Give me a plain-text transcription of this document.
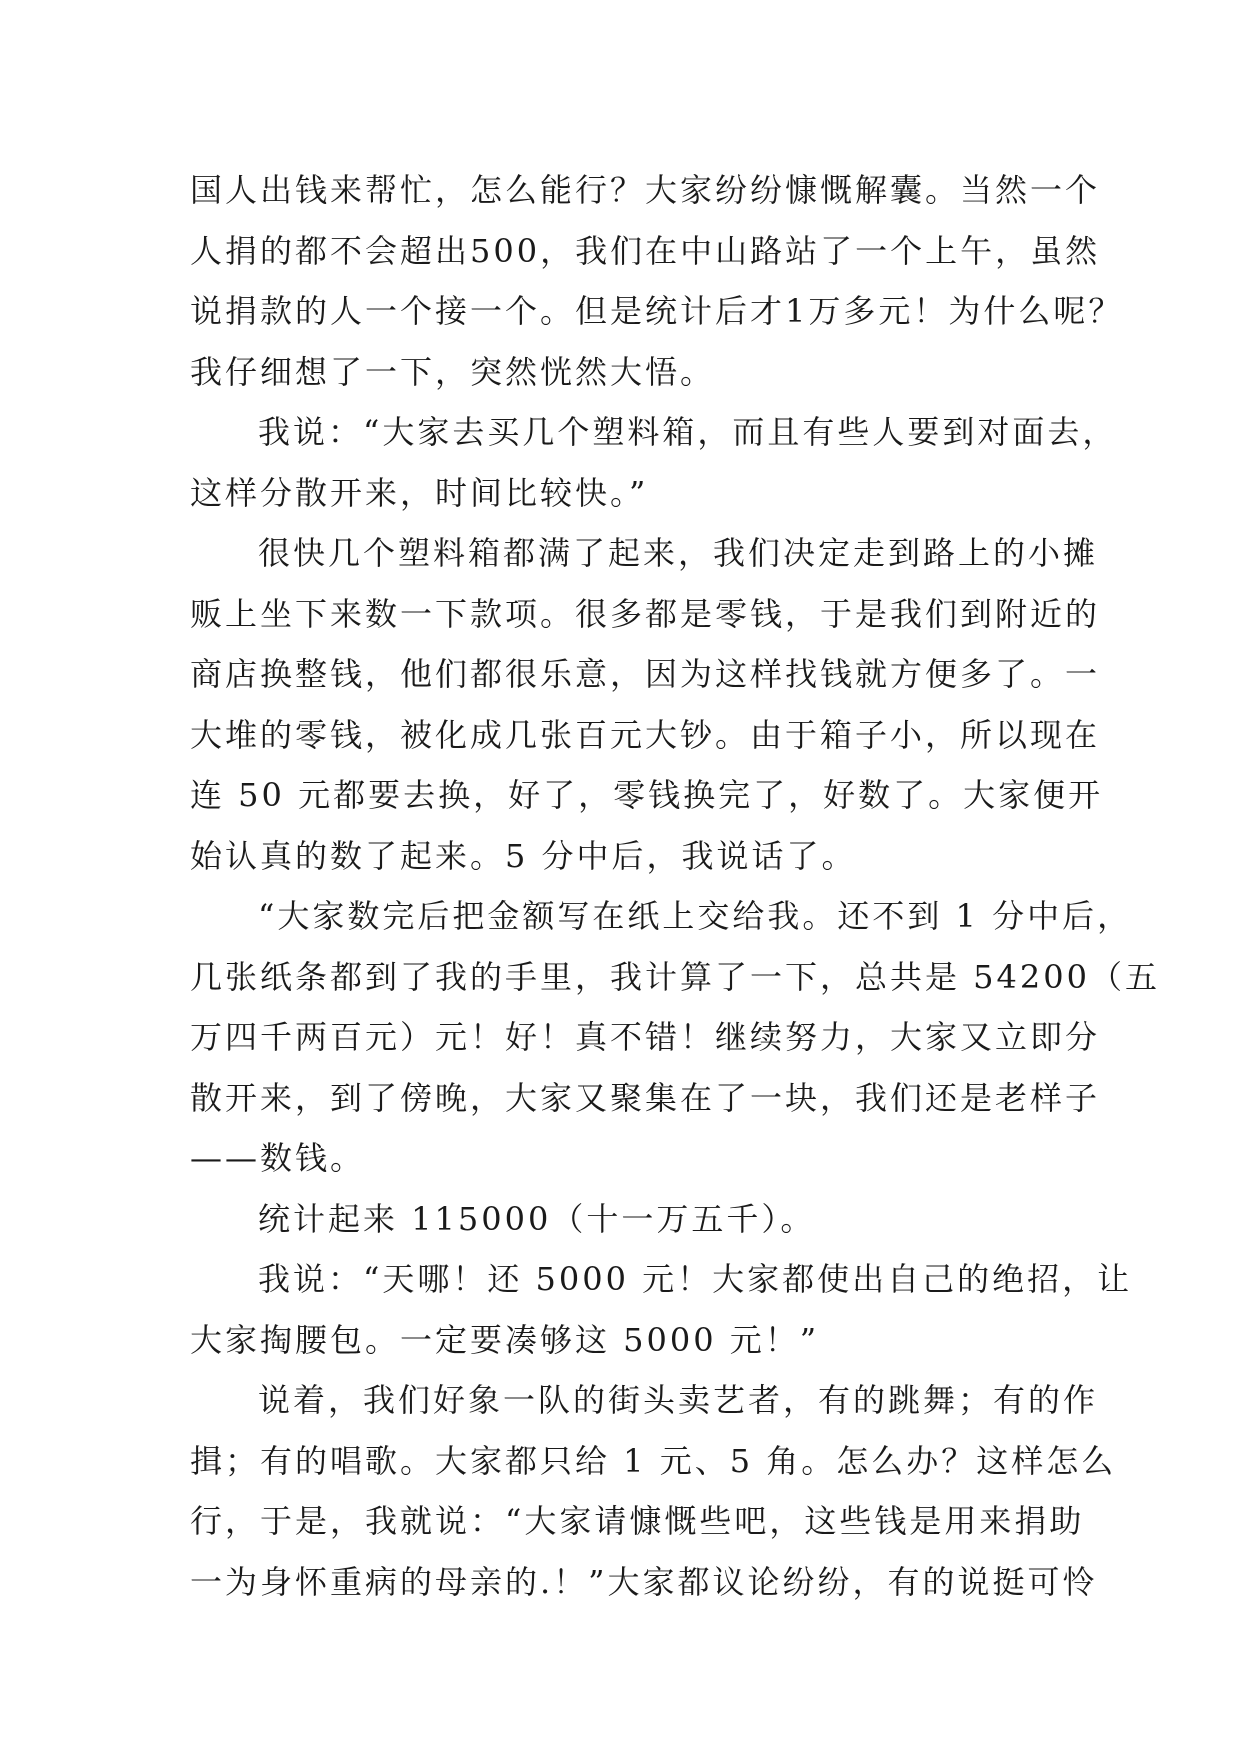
国人出钱来帮忙，怎么能行？大家纷纷慷慨解囊。当然一个
人捐的都不会超出500，我们在中山路站了一个上午，虽然
说捐款的人一个接一个。但是统计后才1万多元！为什么呢？
我仔细想了一下，突然恍然大悟。
我说：“大家去买几个塑料箱，而且有些人要到对面去，
这样分散开来，时间比较快。”
很快几个塑料箱都满了起来，我们决定走到路上的小摊
贩上坐下来数一下款项。很多都是零钱，于是我们到附近的
商店换整钱，他们都很乐意，因为这样找钱就方便多了。一
大堆的零钱，被化成几张百元大钞。由于箱子小，所以现在
连 50 元都要去换，好了，零钱换完了，好数了。大家便开
始认真的数了起来。5 分中后，我说话了。
“大家数完后把金额写在纸上交给我。还不到 1 分中后，
几张纸条都到了我的手里，我计算了一下，总共是 54200（五
万四千两百元）元！好！真不错！继续努力，大家又立即分
散开来，到了傍晚，大家又聚集在了一块，我们还是老样子
——数钱。
统计起来 115000（十一万五千）。
我说：“天哪！还 5000 元！大家都使出自己的绝招，让
大家掏腰包。一定要凑够这 5000 元！”
说着，我们好象一队的街头卖艺者，有的跳舞；有的作
揖；有的唱歌。大家都只给 1 元、5 角。怎么办？这样怎么
行，于是，我就说：“大家请慷慨些吧，这些钱是用来捐助
一为身怀重病的母亲的.！”大家都议论纷纷，有的说挺可怜
